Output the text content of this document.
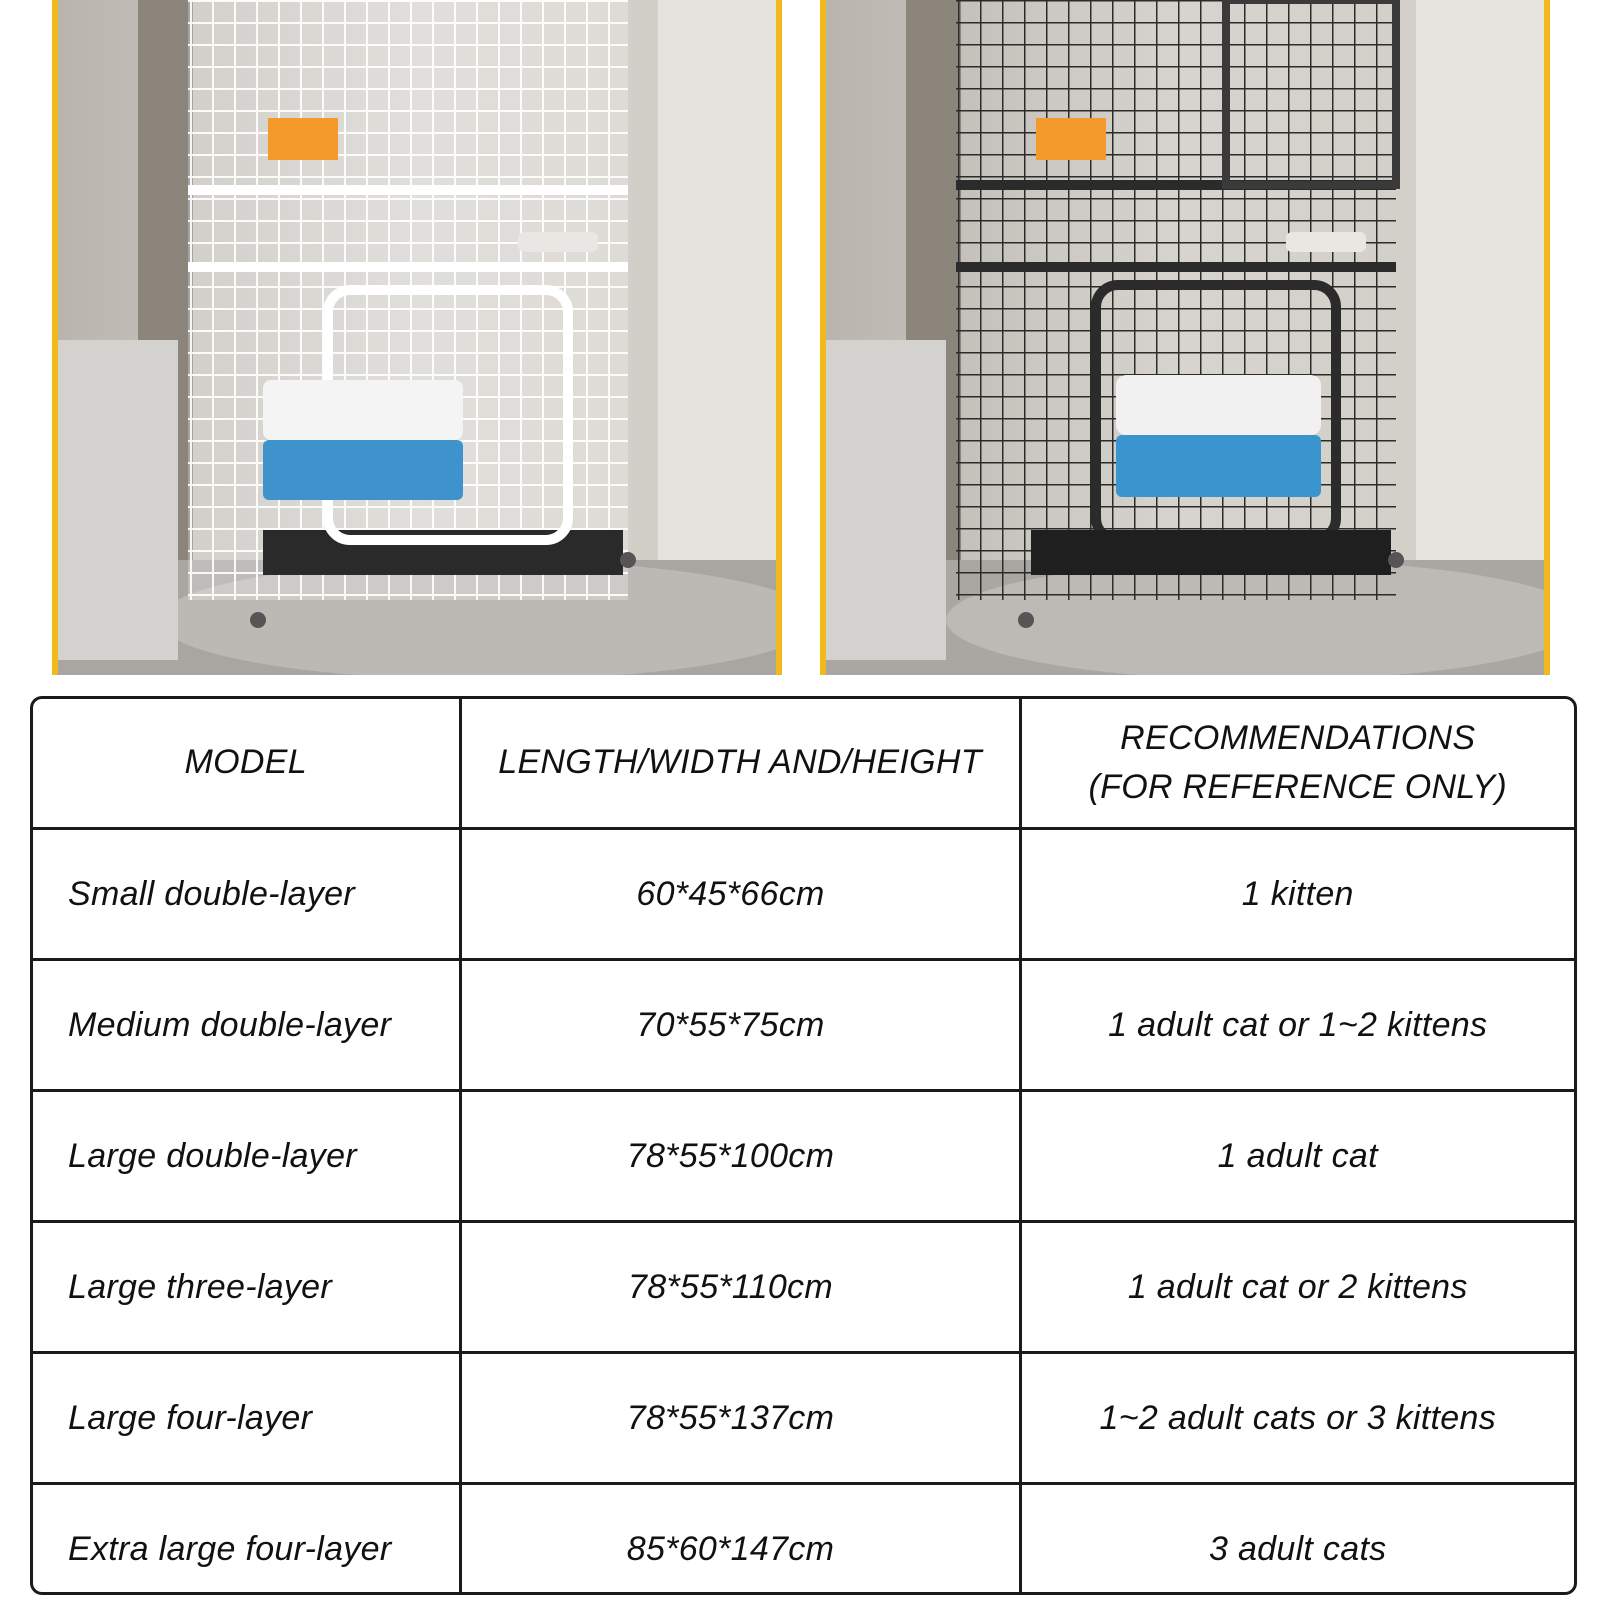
MODEL	LENGTH/WIDTH AND/HEIGHT	RECOMMENDATIONS
(FOR REFERENCE ONLY)
Small double-layer	60*45*66cm	1 kitten
Medium double-layer	70*55*75cm	1 adult cat or 1~2 kittens
Large double-layer	78*55*100cm	1 adult cat
Large three-layer	78*55*110cm	1 adult cat or 2 kittens
Large four-layer	78*55*137cm	1~2 adult cats or 3 kittens
Extra large four-layer	85*60*147cm	3 adult cats
